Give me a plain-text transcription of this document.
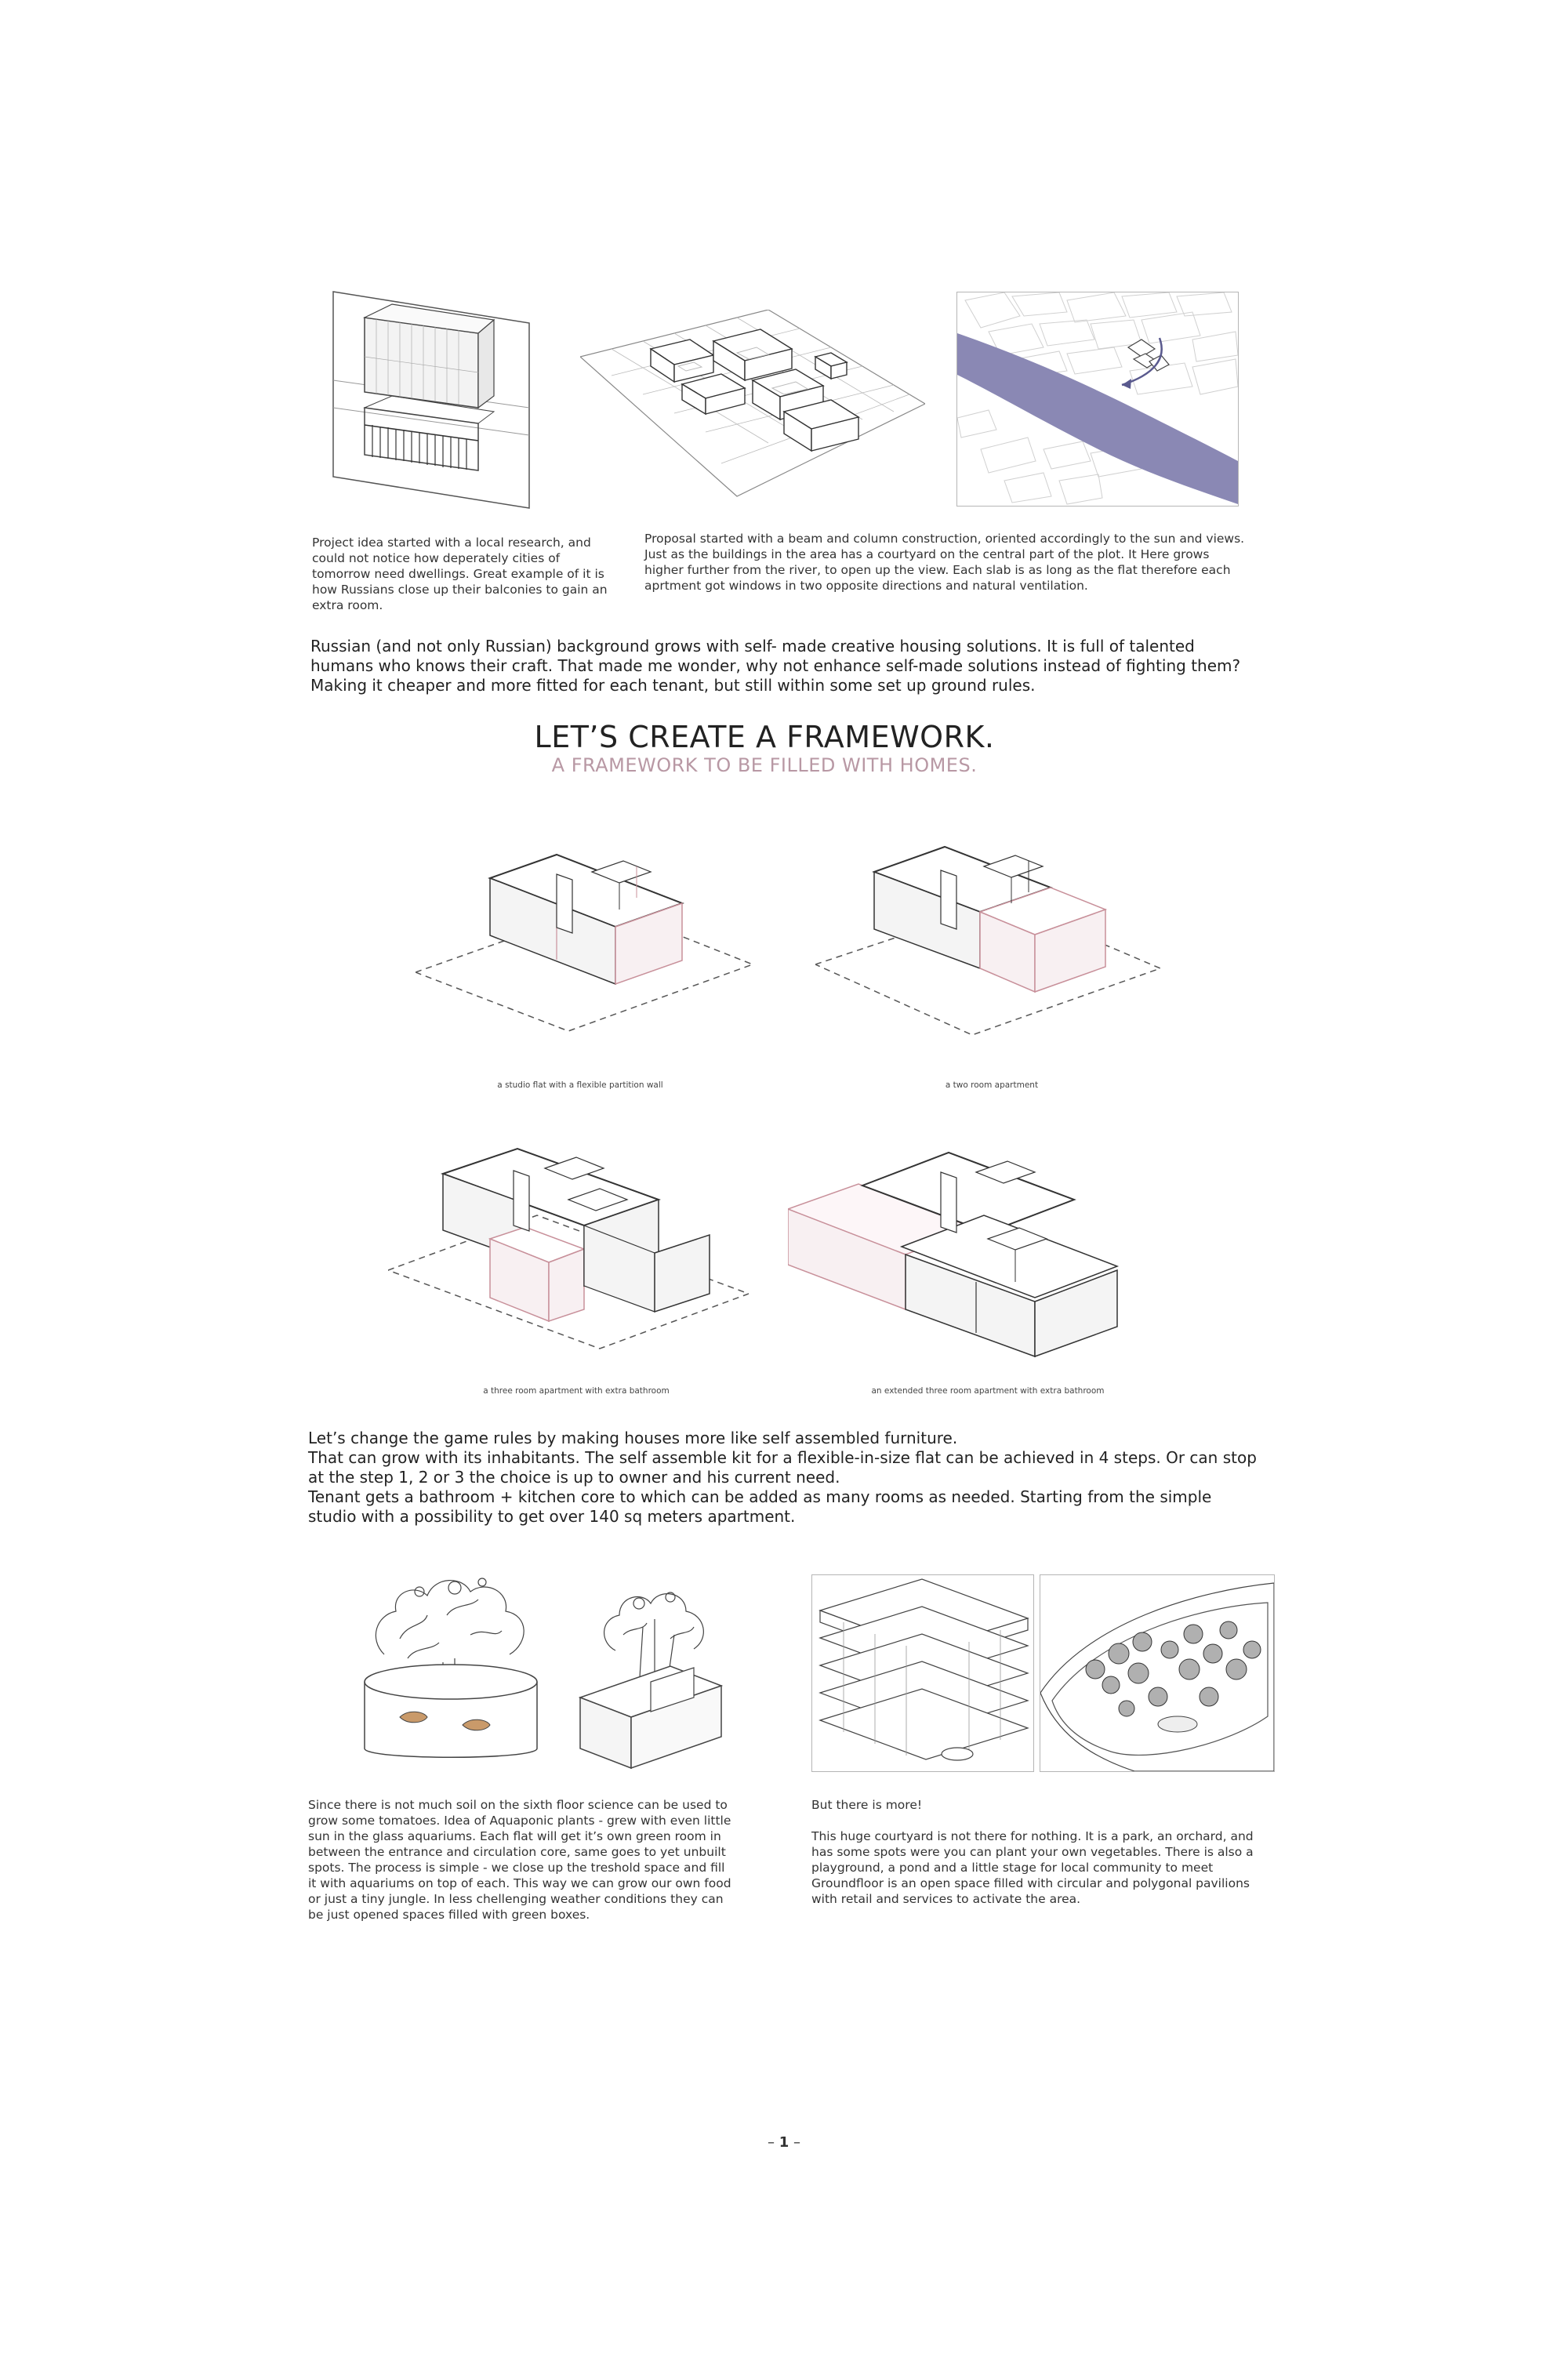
Project idea started with a local research, and could not notice how deperately cities of tomorrow need dwellings. Great example of it is how Russians close up their balconies to gain an extra room.
Proposal started with a beam and column construction, oriented accordingly to the sun and views. Just as the buildings in the area has a courtyard on the central part of the plot. It Here grows higher further from the river, to open up the view. Each slab is as long as the flat therefore each aprtment got windows in two opposite directions and natural ventilation.
Russian (and not only Russian) background grows with self- made creative housing solutions. It is full of talented humans who knows their craft. That made me wonder, why not enhance self-made solutions instead of fighting them? Making it cheaper and more fitted for each tenant, but still within some set up ground rules.
LET’S CREATE A FRAMEWORK.
A FRAMEWORK TO BE FILLED WITH HOMES.
a studio flat with a flexible partition wall	a two room apartment
a three room apartment with extra bathroom	an extended three room apartment with extra bathroom
Let’s change the game rules by making houses more like self assembled furniture.
That can grow with its inhabitants. The self assemble kit for a flexible-in-size flat can be achieved in 4 steps. Or can stop at the step 1, 2 or 3 the choice is up to owner and his current need.
Tenant gets a bathroom + kitchen core to which can be added as many rooms as needed. Starting from the simple studio with a possibility to get over 140 sq meters apartment.
Since there is not much soil on the sixth floor science can be used to grow some tomatoes. Idea of Aquaponic plants - grew with even little sun in the glass aquariums. Each flat will get it’s own green room in between the entrance and circulation core, same goes to yet unbuilt spots. The process is simple - we close up the treshold space and fill it with aquariums on top of each. This way we can grow our own food or just a tiny jungle. In less chellenging weather conditions they can be just opened spaces filled with green boxes.
But there is more!
This huge courtyard is not there for nothing. It is a park, an orchard, and has some spots were you can plant your own vegetables. There is also a playground, a pond and a little stage for local community to meet Groundfloor is an open space filled with circular and polygonal pavilions with retail and services to activate the area.
– 1 –
